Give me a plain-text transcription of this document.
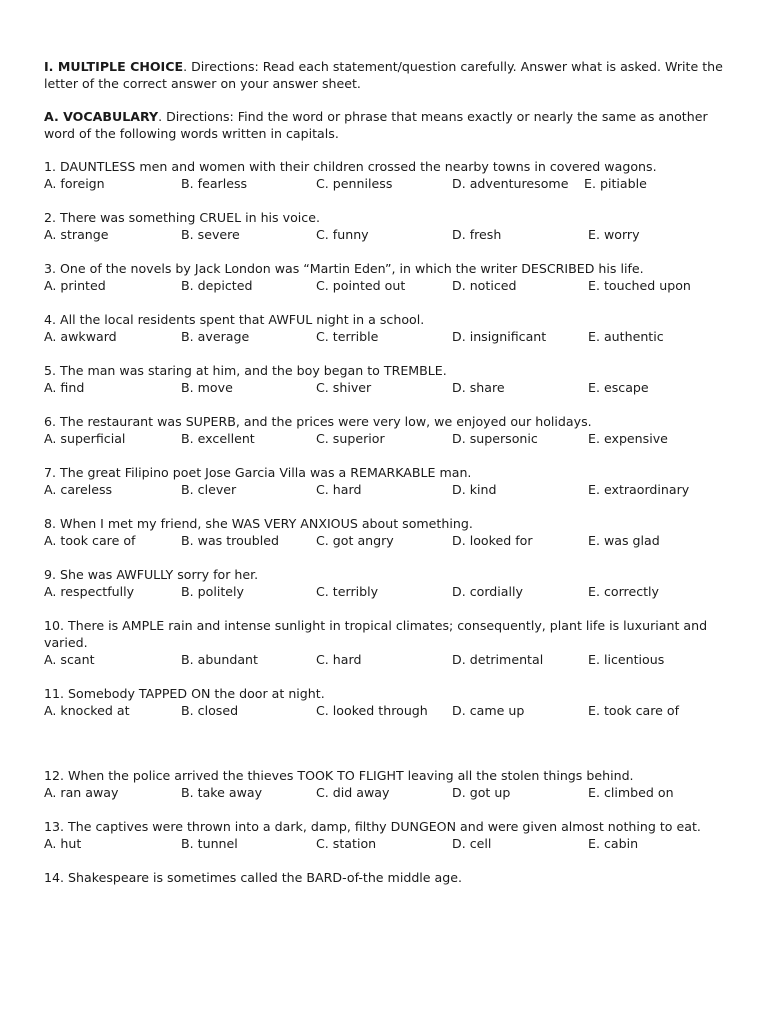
I. MULTIPLE CHOICE. Directions: Read each statement/question carefully. Answer what is asked. Write the letter of the correct answer on your answer sheet.

A. VOCABULARY. Directions: Find the word or phrase that means exactly or nearly the same as another word of the following words written in capitals.

1. DAUNTLESS men and women with their children crossed the nearby towns in covered wagons.

A. foreign	B. fearless	C. penniless	D. adventuresome E. pitiable

2. There was something CRUEL in his voice.

A. strange	B. severe	C. funny	D. fresh	E. worry

3. One of the novels by Jack London was “Martin Eden”, in which the writer DESCRIBED his life.

A. printed	B. depicted	C. pointed out	D. noticed	E. touched upon

4. All the local residents spent that AWFUL night in a school.

A. awkward	B. average	C. terrible	D. insignificant	E. authentic

5. The man was staring at him, and the boy began to TREMBLE.

A. find	B. move	C. shiver	D. share	E. escape

6. The restaurant was SUPERB, and the prices were very low, we enjoyed our holidays.

A. superficial	B. excellent	C. superior	D. supersonic	E. expensive

7. The great Filipino poet Jose Garcia Villa was a REMARKABLE man.

A. careless	B. clever	C. hard	D. kind	E. extraordinary

8. When I met my friend, she WAS VERY ANXIOUS about something.

A. took care of	B. was troubled	C. got angry	D. looked for	E. was glad

9. She was AWFULLY sorry for her.

A. respectfully	B. politely	C. terribly	D. cordially	E. correctly

10. There is AMPLE rain and intense sunlight in tropical climates; consequently, plant life is luxuriant and varied.

A. scant	B. abundant	C. hard	D. detrimental	E. licentious

11. Somebody TAPPED ON the door at night.

A. knocked at	B. closed	C. looked through D. came up	E. took care of

12. When the police arrived the thieves TOOK TO FLIGHT leaving all the stolen things behind.

A. ran away	B. take away	C. did away	D. got up	E. climbed on

13. The captives were thrown into a dark, damp, filthy DUNGEON and were given almost nothing to eat.

A. hut	B. tunnel	C. station	D. cell	E. cabin

14. Shakespeare is sometimes called the BARD-of-the middle age.
